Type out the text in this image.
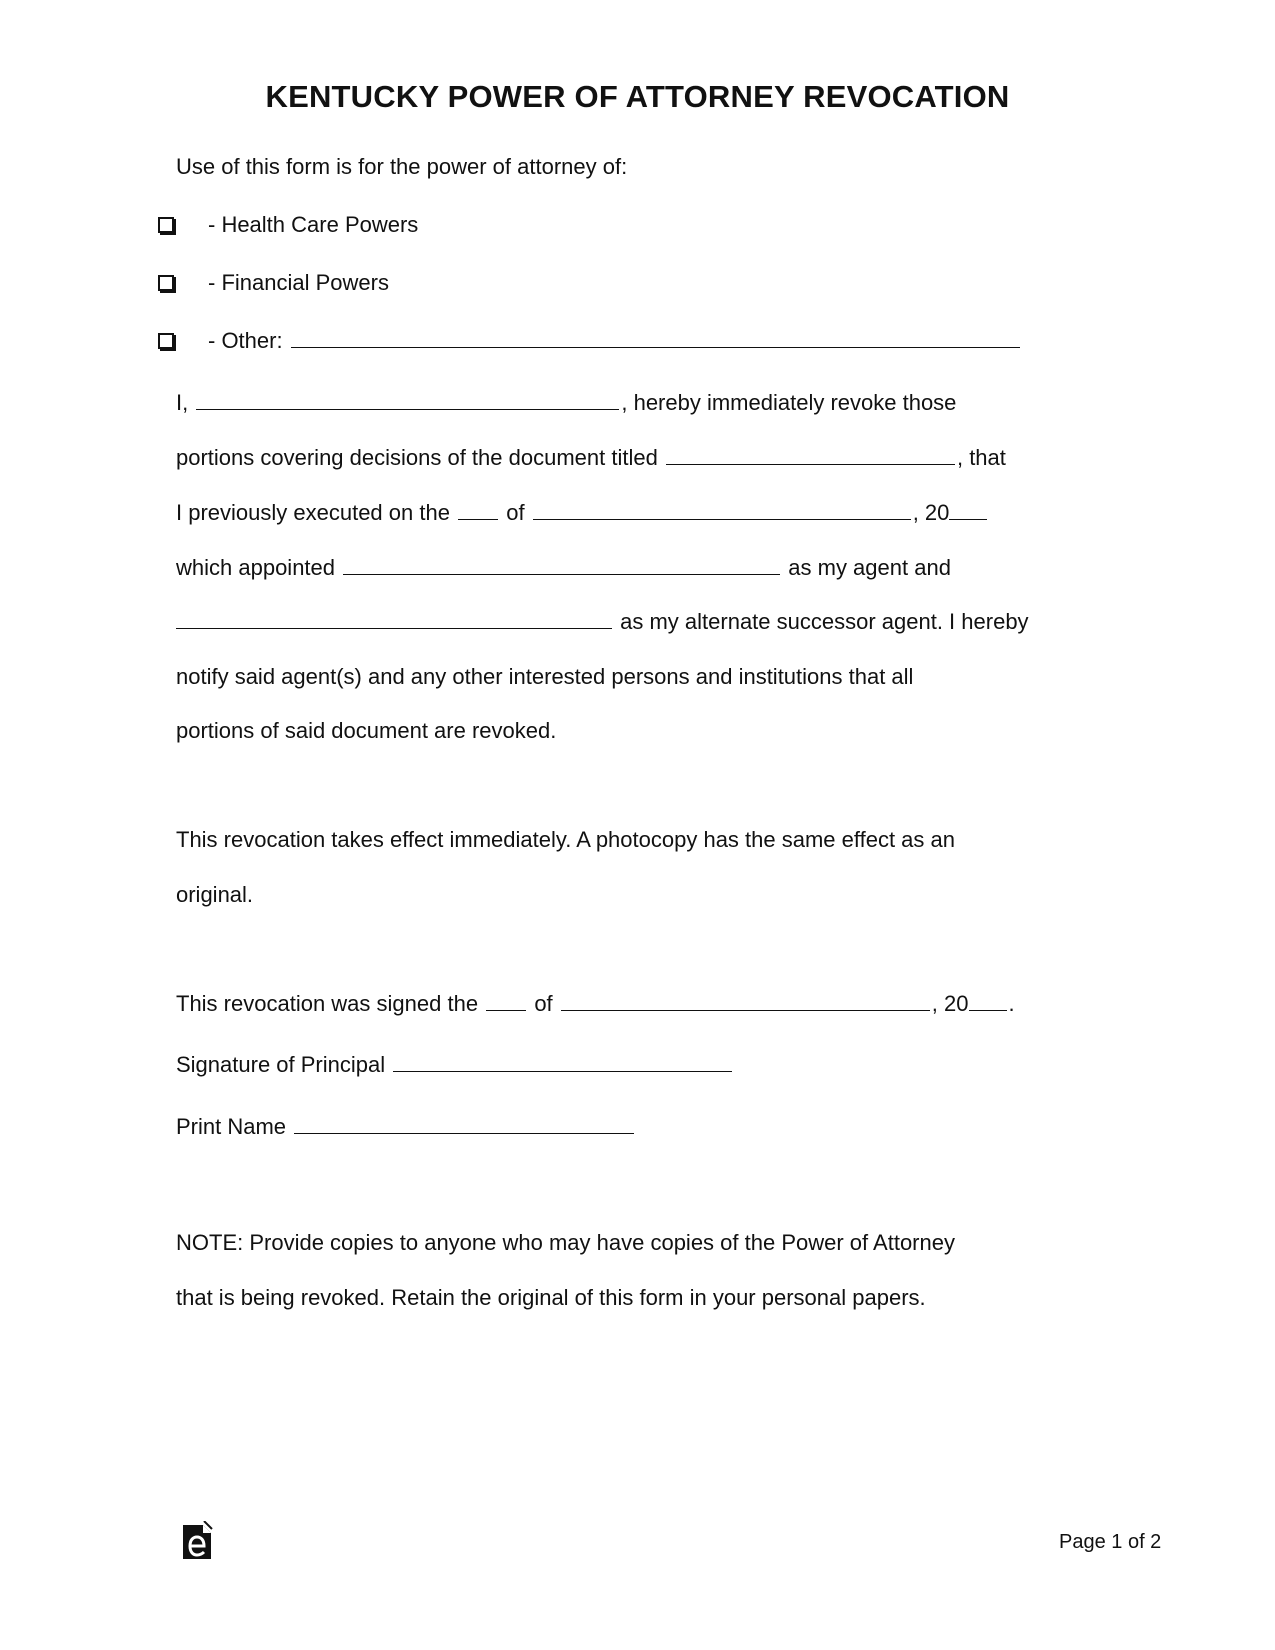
KENTUCKY POWER OF ATTORNEY REVOCATION
Use of this form is for the power of attorney of:
- Health Care Powers
- Financial Powers
- Other:
I,	, hereby immediately revoke those
portions covering decisions of the document titled	, that
I previously executed on the	of	, 20
which appointed	as my agent and
as my alternate successor agent. I hereby
notify said agent(s) and any other interested persons and institutions that all
portions of said document are revoked.
This revocation takes effect immediately. A photocopy has the same effect as an
original.
This revocation was signed the	of	, 20 .
Signature of Principal
Print Name
NOTE: Provide copies to anyone who may have copies of the Power of Attorney
that is being revoked. Retain the original of this form in your personal papers.
Page 1 of 2
